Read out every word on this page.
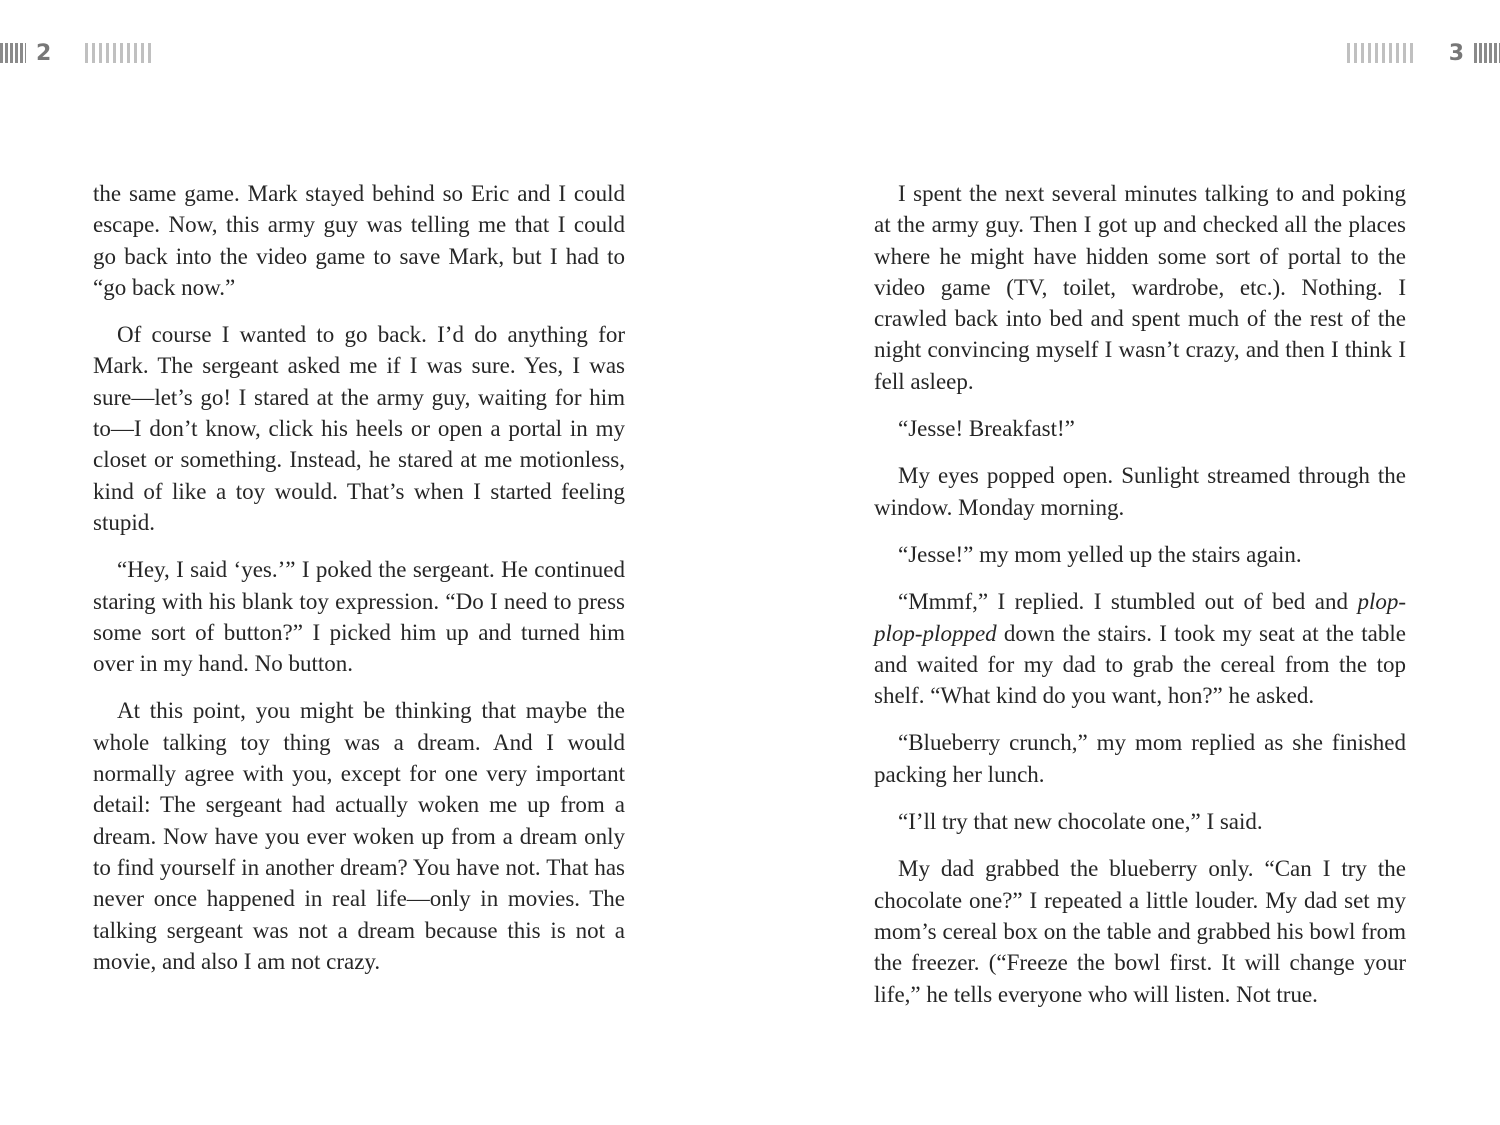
2

the same game. Mark stayed behind so Eric and I could escape. Now, this army guy was telling me that I could go back into the video game to save Mark, but I had to “go back now.”

Of course I wanted to go back. I’d do anything for Mark. The sergeant asked me if I was sure. Yes, I was sure—let’s go! I stared at the army guy, waiting for him to—I don’t know, click his heels or open a portal in my closet or something. Instead, he stared at me motionless, kind of like a toy would. That’s when I started feeling stupid.

“Hey, I said ‘yes.’” I poked the sergeant. He continued staring with his blank toy expression. “Do I need to press some sort of button?” I picked him up and turned him over in my hand. No button.

At this point, you might be thinking that maybe the whole talking toy thing was a dream. And I would normally agree with you, except for one very important detail: The sergeant had actually woken me up from a dream. Now have you ever woken up from a dream only to find yourself in another dream? You have not. That has never once happened in real life—only in movies. The talking sergeant was not a dream because this is not a movie, and also I am not crazy.

3

I spent the next several minutes talking to and poking at the army guy. Then I got up and checked all the places where he might have hidden some sort of portal to the video game (TV, toilet, wardrobe, etc.). Nothing. I crawled back into bed and spent much of the rest of the night convincing myself I wasn’t crazy, and then I think I fell asleep.

“Jesse! Breakfast!”

My eyes popped open. Sunlight streamed through the window. Monday morning.

“Jesse!” my mom yelled up the stairs again.

“Mmmf,” I replied. I stumbled out of bed and plop-plop-plopped down the stairs. I took my seat at the table and waited for my dad to grab the cereal from the top shelf. “What kind do you want, hon?” he asked.

“Blueberry crunch,” my mom replied as she finished packing her lunch.

“I’ll try that new chocolate one,” I said.

My dad grabbed the blueberry only. “Can I try the chocolate one?” I repeated a little louder. My dad set my mom’s cereal box on the table and grabbed his bowl from the freezer. (“Freeze the bowl first. It will change your life,” he tells everyone who will listen. Not true.
